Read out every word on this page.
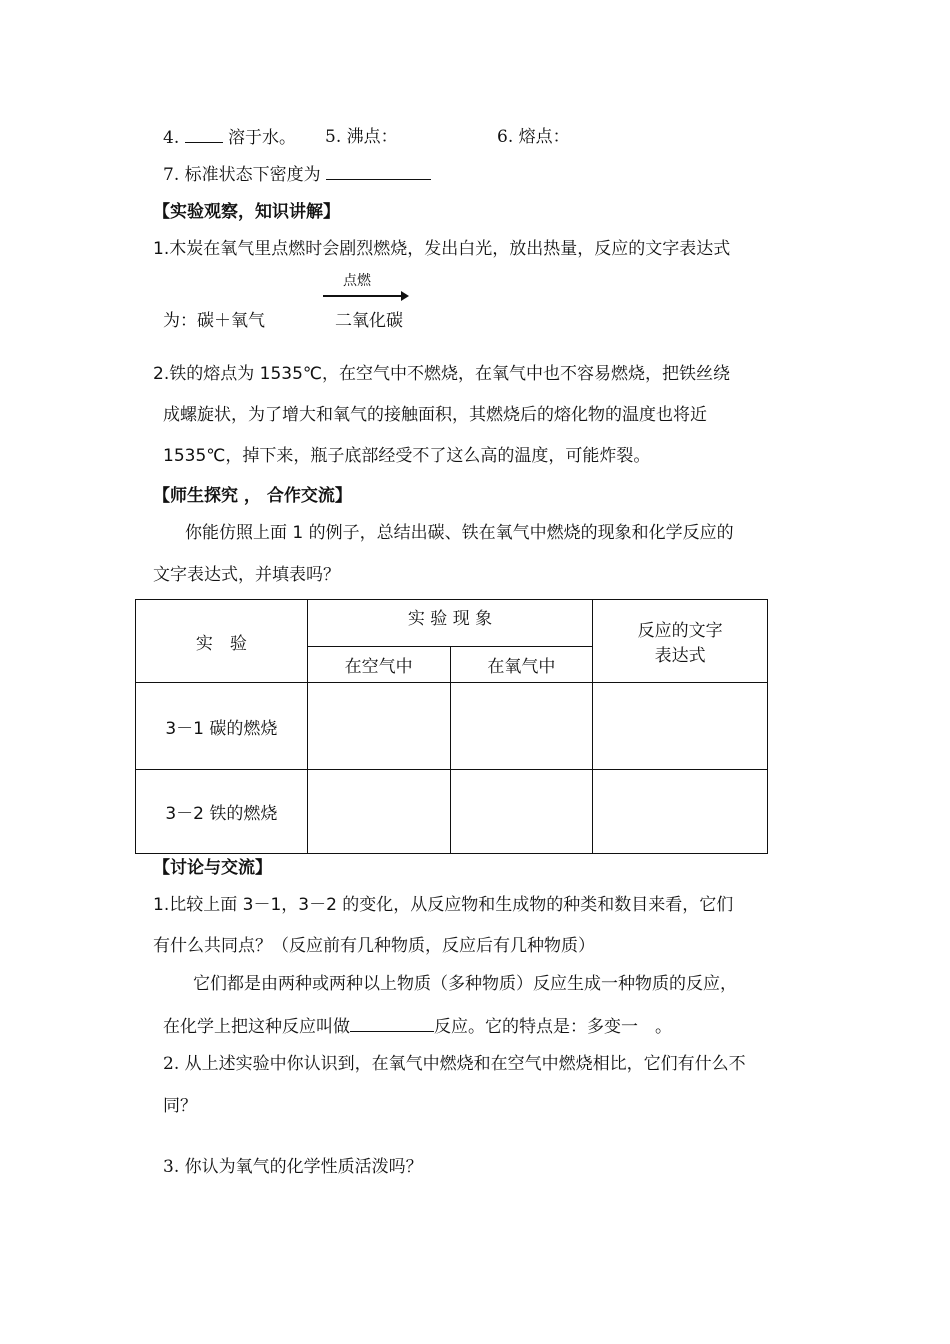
4.	溶于水。 5. 沸点：	6. 熔点：
7. 标准状态下密度为
【实验观察，知识讲解】
1.木炭在氧气里点燃时会剧烈燃烧，发出白光，放出热量，反应的文字表达式
点燃
为：碳＋氧气	二氧化碳
2.铁的熔点为 1535℃，在空气中不燃烧，在氧气中也不容易燃烧，把铁丝绕
成螺旋状，为了增大和氧气的接触面积，其燃烧后的熔化物的温度也将近
1535℃，掉下来，瓶子底部经受不了这么高的温度，可能炸裂。
【师生探究 ， 合作交流】
你能仿照上面 1 的例子，总结出碳、铁在氧气中燃烧的现象和化学反应的
文字表达式，并填表吗？
实　验	实 验 现 象		反应的文字
表达式

	在空气中	在氧气中	
3－1 碳的燃烧			
3－2 铁的燃烧			
【讨论与交流】
1.比较上面 3－1，3－2 的变化，从反应物和生成物的种类和数目来看，它们
有什么共同点？（反应前有几种物质，反应后有几种物质）
它们都是由两种或两种以上物质（多种物质）反应生成一种物质的反应，
在化学上把这种反应叫做	反应。它的特点是：多变一　。
2. 从上述实验中你认识到，在氧气中燃烧和在空气中燃烧相比，它们有什么不
同？
3. 你认为氧气的化学性质活泼吗？
